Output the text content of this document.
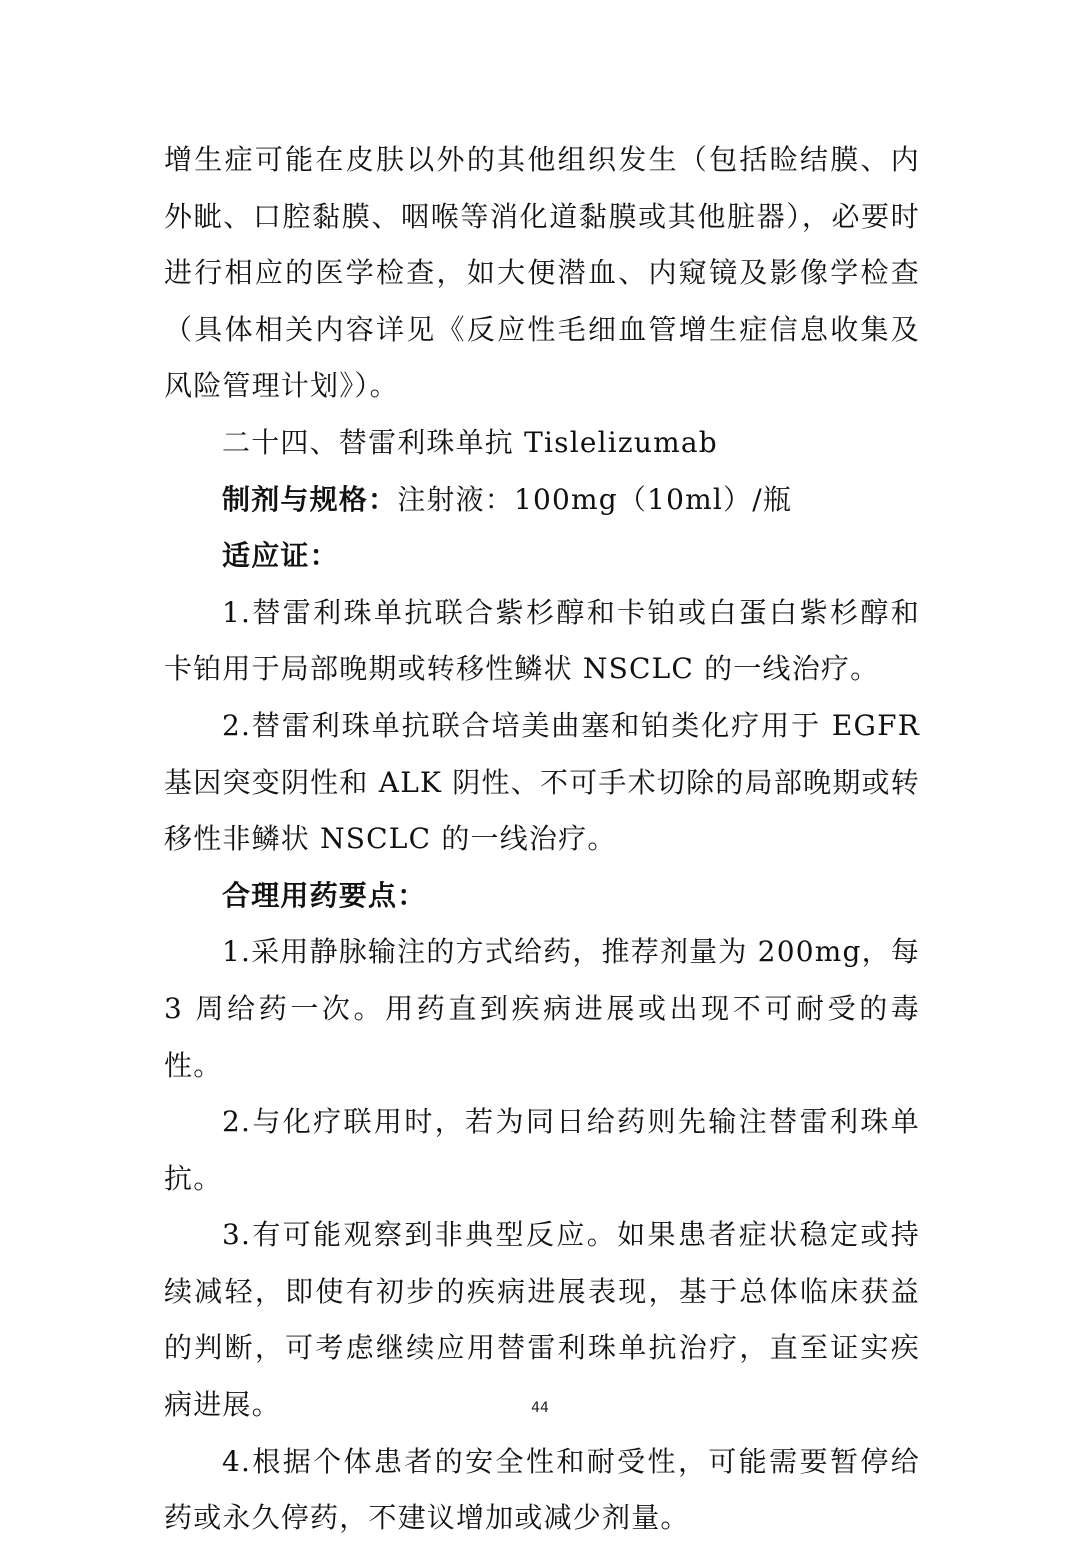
增生症可能在皮肤以外的其他组织发生（包括睑结膜、内外眦、口腔黏膜、咽喉等消化道黏膜或其他脏器），必要时进行相应的医学检查，如大便潜血、内窥镜及影像学检查（具体相关内容详见《反应性毛细血管增生症信息收集及风险管理计划》）。

二十四、替雷利珠单抗 Tislelizumab

制剂与规格：注射液：100mg（10ml）/瓶

适应证：

1.替雷利珠单抗联合紫杉醇和卡铂或白蛋白紫杉醇和卡铂用于局部晚期或转移性鳞状 NSCLC 的一线治疗。

2.替雷利珠单抗联合培美曲塞和铂类化疗用于 EGFR 基因突变阴性和 ALK 阴性、不可手术切除的局部晚期或转移性非鳞状 NSCLC 的一线治疗。

合理用药要点：

1.采用静脉输注的方式给药，推荐剂量为 200mg，每 3 周给药一次。用药直到疾病进展或出现不可耐受的毒性。

2.与化疗联用时，若为同日给药则先输注替雷利珠单抗。

3.有可能观察到非典型反应。如果患者症状稳定或持续减轻，即使有初步的疾病进展表现，基于总体临床获益的判断，可考虑继续应用替雷利珠单抗治疗，直至证实疾病进展。

4.根据个体患者的安全性和耐受性，可能需要暂停给药或永久停药，不建议增加或减少剂量。

44
